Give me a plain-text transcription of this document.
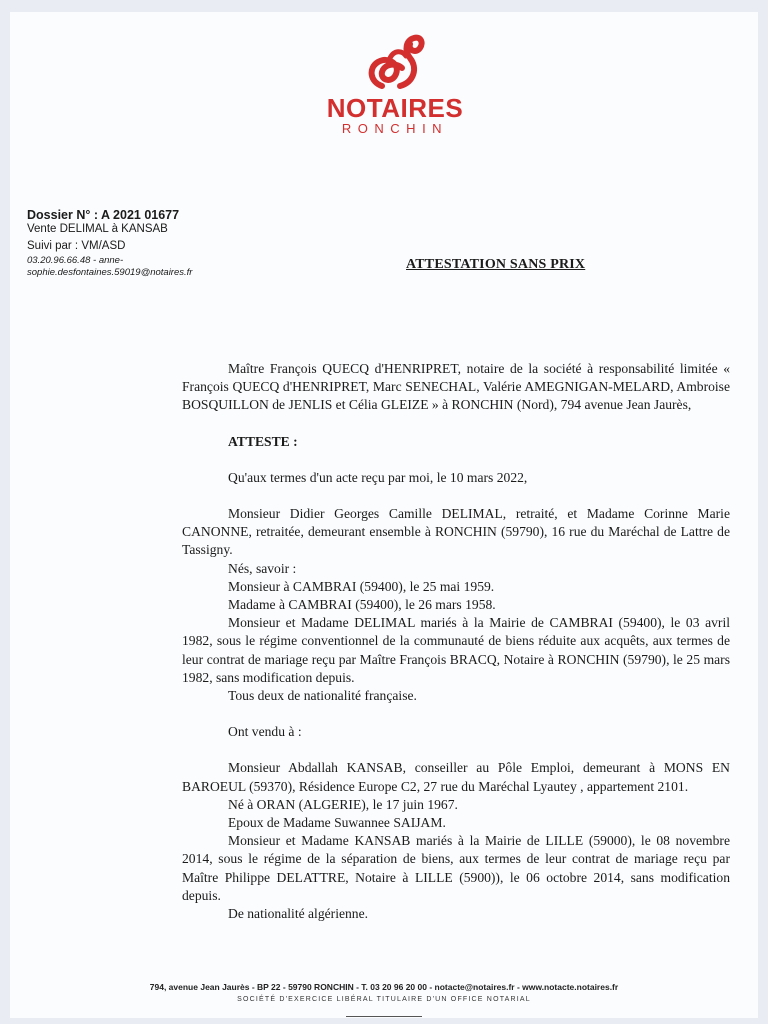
NOTAIRES
RONCHIN
Dossier N° : A 2021 01677
Vente DELIMAL à KANSAB
Suivi par : VM/ASD
03.20.96.66.48 - anne-
sophie.desfontaines.59019@notaires.fr
ATTESTATION SANS PRIX

Maître François QUECQ d'HENRIPRET, notaire de la société à responsabilité limitée « François QUECQ d'HENRIPRET, Marc SENECHAL, Valérie AMEGNIGAN-MELARD, Ambroise BOSQUILLON de JENLIS et Célia GLEIZE » à RONCHIN (Nord), 794 avenue Jean Jaurès,

ATTESTE :

Qu'aux termes d'un acte reçu par moi, le 10 mars 2022,

Monsieur Didier Georges Camille DELIMAL, retraité, et Madame Corinne Marie CANONNE, retraitée, demeurant ensemble à RONCHIN (59790), 16 rue du Maréchal de Lattre de Tassigny.

Nés, savoir :

Monsieur à CAMBRAI (59400), le 25 mai 1959.

Madame à CAMBRAI (59400), le 26 mars 1958.

Monsieur et Madame DELIMAL mariés à la Mairie de CAMBRAI (59400), le 03 avril 1982, sous le régime conventionnel de la communauté de biens réduite aux acquêts, aux termes de leur contrat de mariage reçu par Maître François BRACQ, Notaire à RONCHIN (59790), le 25 mars 1982, sans modification depuis.

Tous deux de nationalité française.

Ont vendu à :

Monsieur Abdallah KANSAB, conseiller au Pôle Emploi, demeurant à MONS EN BAROEUL (59370), Résidence Europe C2, 27 rue du Maréchal Lyautey , appartement 2101.

Né à ORAN (ALGERIE), le 17 juin 1967.

Epoux de Madame Suwannee SAIJAM.

Monsieur et Madame KANSAB mariés à la Mairie de LILLE (59000), le 08 novembre 2014, sous le régime de la séparation de biens, aux termes de leur contrat de mariage reçu par Maître Philippe DELATTRE, Notaire à LILLE (5900)), le 06 octobre 2014, sans modification depuis.

De nationalité algérienne.

794, avenue Jean Jaurès - BP 22 - 59790 RONCHIN - T. 03 20 96 20 00 - notacte@notaires.fr - www.notacte.notaires.fr
SOCIÉTÉ D'EXERCICE LIBÉRAL TITULAIRE D'UN OFFICE NOTARIAL
